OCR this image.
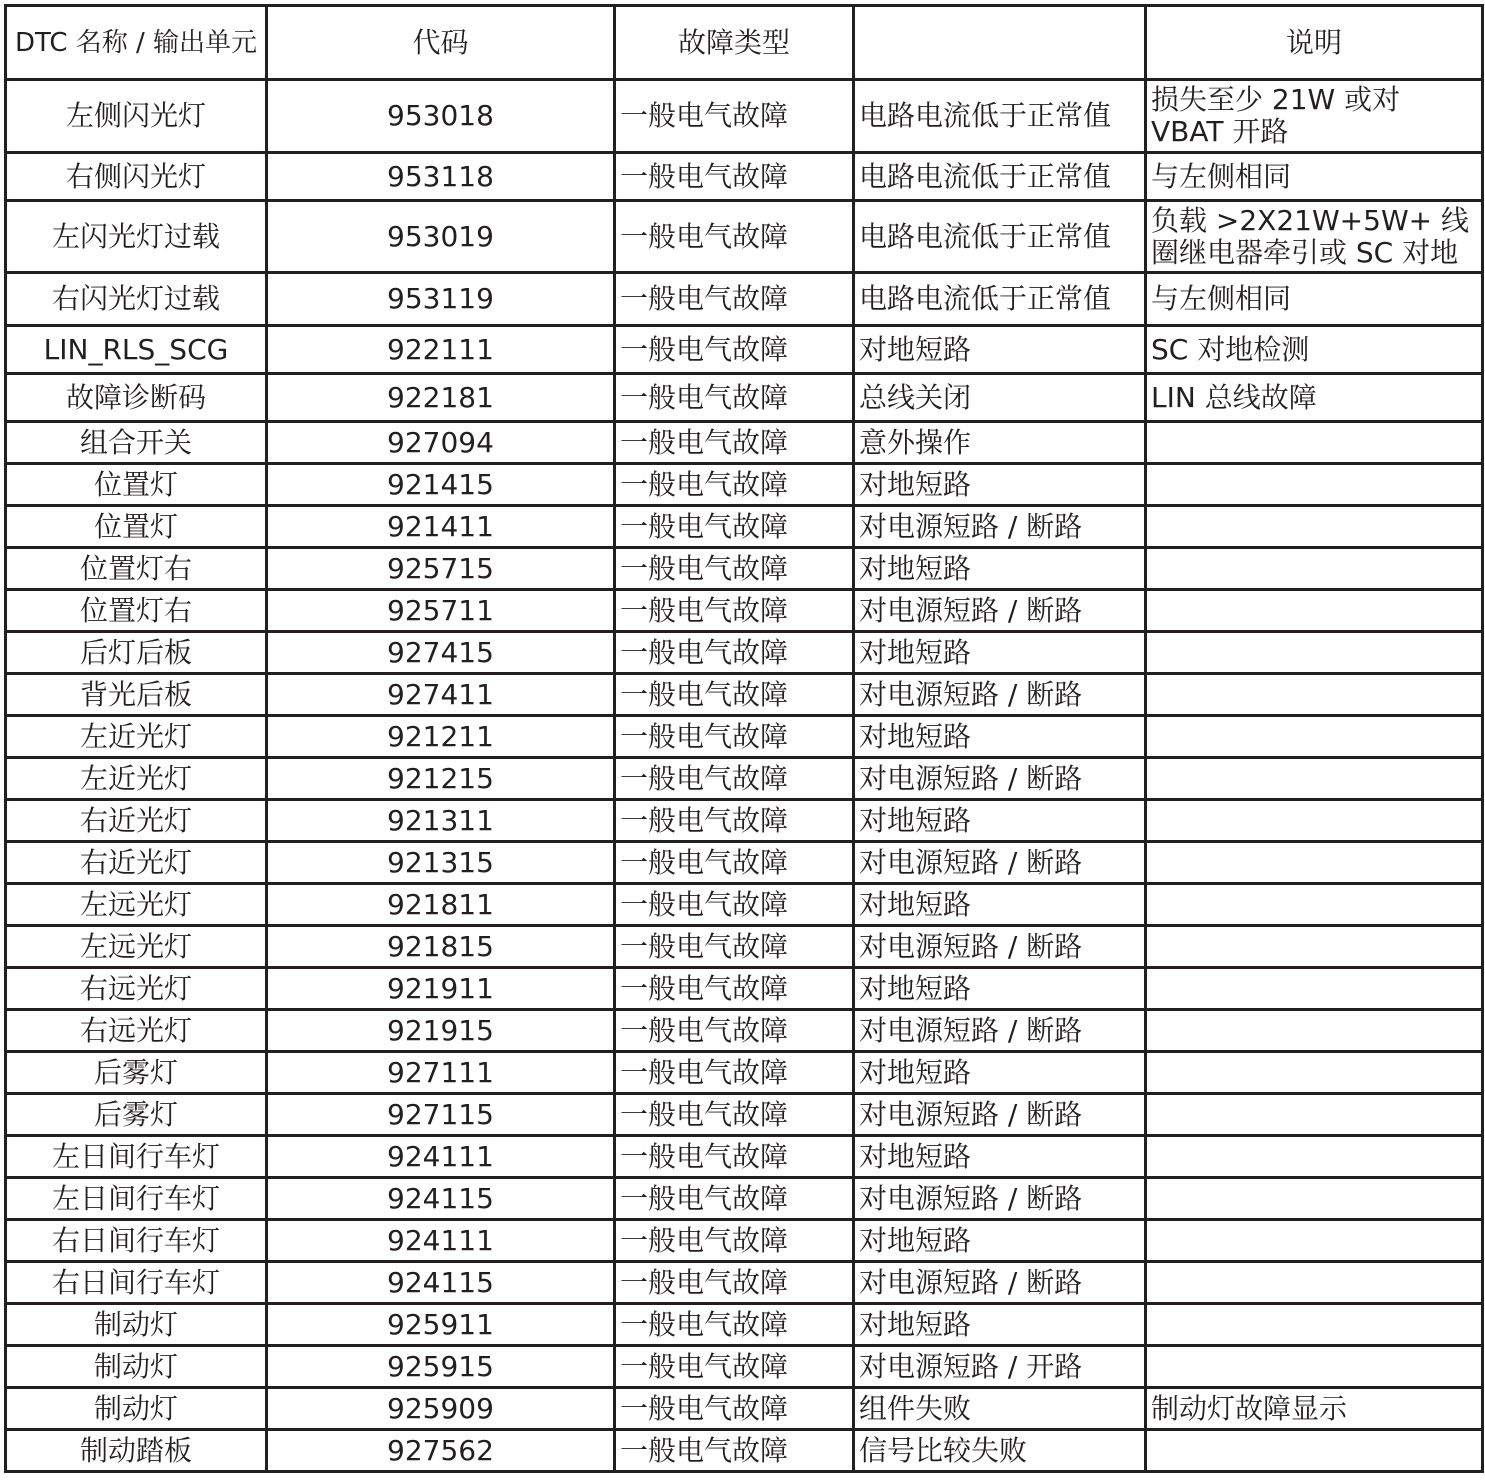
DTC 名称 / 输出单元	代码	故障类型		说明
左侧闪光灯	953018	一般电气故障	电路电流低于正常值	损失至少 21W 或对 VBAT 开路
右侧闪光灯	953118	一般电气故障	电路电流低于正常值	与左侧相同
左闪光灯过载	953019	一般电气故障	电路电流低于正常值	负载 >2X21W+5W+ 线圈继电器牵引或 SC 对地
右闪光灯过载	953119	一般电气故障	电路电流低于正常值	与左侧相同
LIN_RLS_SCG	922111	一般电气故障	对地短路	SC 对地检测
故障诊断码	922181	一般电气故障	总线关闭	LIN 总线故障
组合开关	927094	一般电气故障	意外操作	
位置灯	921415	一般电气故障	对地短路	
位置灯	921411	一般电气故障	对电源短路 / 断路	
位置灯右	925715	一般电气故障	对地短路	
位置灯右	925711	一般电气故障	对电源短路 / 断路	
后灯后板	927415	一般电气故障	对地短路	
背光后板	927411	一般电气故障	对电源短路 / 断路	
左近光灯	921211	一般电气故障	对地短路	
左近光灯	921215	一般电气故障	对电源短路 / 断路	
右近光灯	921311	一般电气故障	对地短路	
右近光灯	921315	一般电气故障	对电源短路 / 断路	
左远光灯	921811	一般电气故障	对地短路	
左远光灯	921815	一般电气故障	对电源短路 / 断路	
右远光灯	921911	一般电气故障	对地短路	
右远光灯	921915	一般电气故障	对电源短路 / 断路	
后雾灯	927111	一般电气故障	对地短路	
后雾灯	927115	一般电气故障	对电源短路 / 断路	
左日间行车灯	924111	一般电气故障	对地短路	
左日间行车灯	924115	一般电气故障	对电源短路 / 断路	
右日间行车灯	924111	一般电气故障	对地短路	
右日间行车灯	924115	一般电气故障	对电源短路 / 断路	
制动灯	925911	一般电气故障	对地短路	
制动灯	925915	一般电气故障	对电源短路 / 开路	
制动灯	925909	一般电气故障	组件失败	制动灯故障显示
制动踏板	927562	一般电气故障	信号比较失败	
